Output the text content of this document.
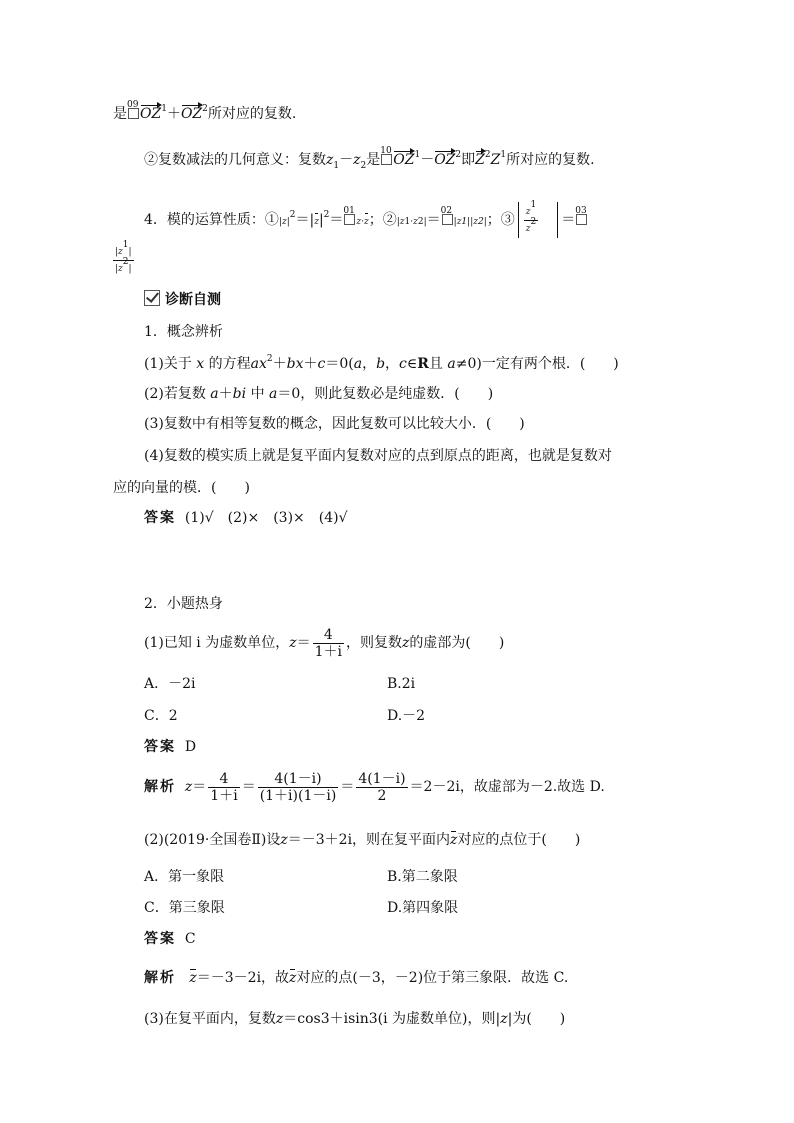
是
09
$OZ^1+OZ^2$所对应的复数.
②复数减法的几何意义：复数$z_1-z_2$是
10
$OZ^1-OZ^2$即$Z^2Z^1$所对应的复数.
4．模的运算性质：$①|z|^2=|z|^2=$
01
z·z；②|z1·z2|＝
02
|z1||z2|；③ $\frac{z1}{z2}$ ＝
03
$\frac{|z1|}{|z2|}$
诊断自测
1．概念辨析
(1)关于 x 的方程$ax^2+bx+c=0(a$，b，c∈R且 a≠0)一定有两个根．(　　)
(2)若复数 a＋bi 中 a＝0，则此复数必是纯虚数．(　　)
(3)复数中有相等复数的概念，因此复数可以比较大小．(　　)
(4)复数的模实质上就是复平面内复数对应的点到原点的距离，也就是复数对
应的向量的模．(　　)
答案 (1)√　(2)×　(3)×　(4)√
2．小题热身
(1)已知 i 为虚数单位，$z= \frac{4}{1+i}$ ，则复数z的虚部为(　　)
A．－2i	B.2i
C．2	D.－2
答案 D
解析 $z= \frac{4}{1+i} = \frac{4(1-i)}{(1+i)(1-i)} = \frac{4(1-i)}{2} =2-2i$，故虚部为－2.故选 D.
(2)(2019·全国卷Ⅱ)设z＝－3＋2i，则在复平面内z对应的点位于(　　)
A．第一象限	B.第二象限
C．第三象限	D.第四象限
答案 C
解析 z＝－3－2i，故z对应的点(－3，－2)位于第三象限．故选 C.
(3)在复平面内，复数z＝cos3＋isin3(i 为虚数单位)，则|z|为(　　)
